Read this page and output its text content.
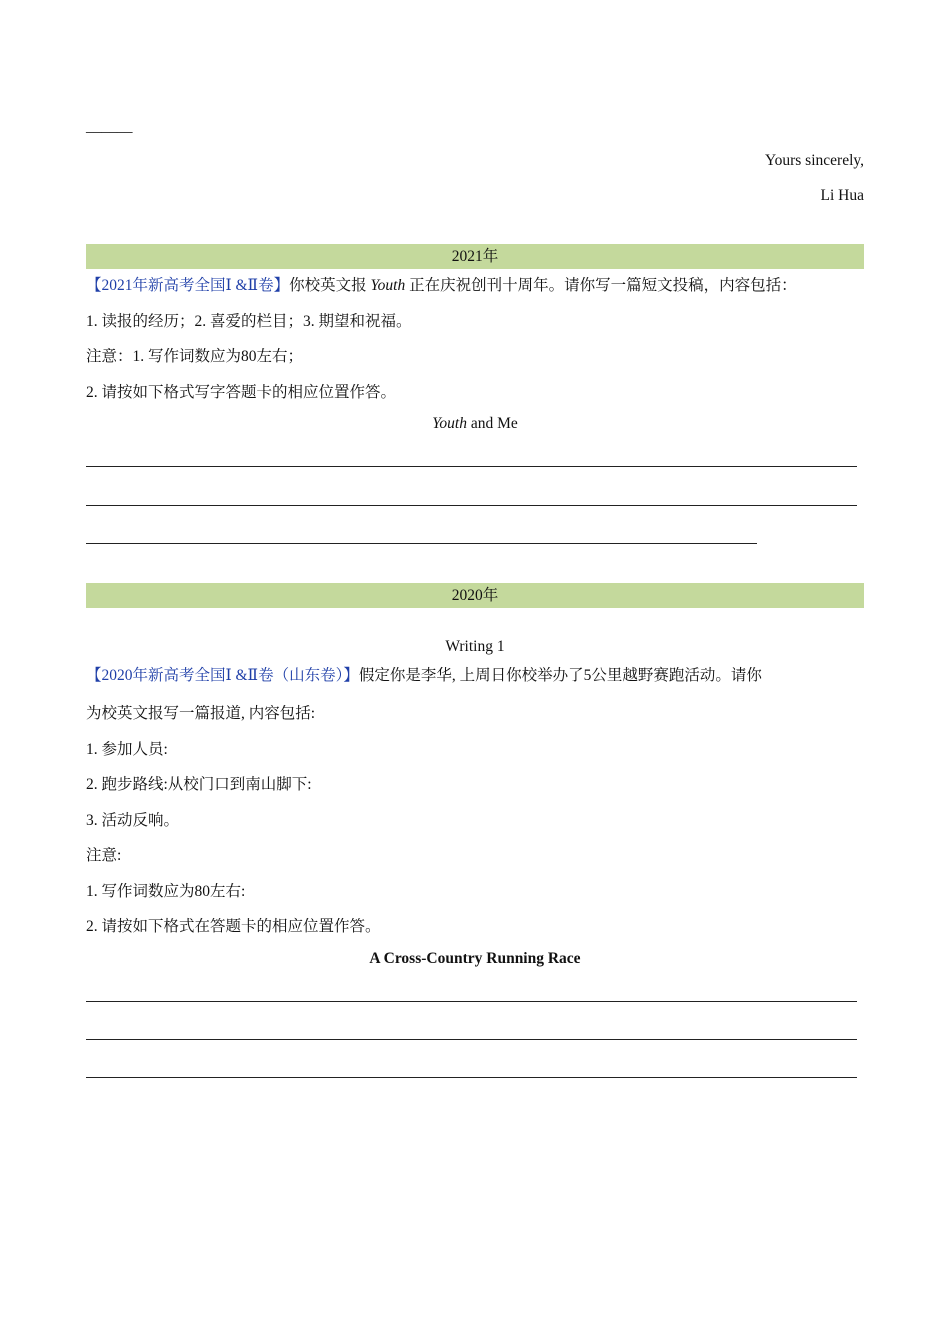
______
Yours sincerely,
Li Hua
2021年
【2021年新高考全国Ⅰ &Ⅱ卷】你校英文报 Youth 正在庆祝创刊十周年。请你写一篇短文投稿，内容包括：
1. 读报的经历；2. 喜爱的栏目；3. 期望和祝福。
注意：1. 写作词数应为80左右；
2. 请按如下格式写字答题卡的相应位置作答。
Youth and Me
2020年
Writing 1
【2020年新高考全国Ⅰ &Ⅱ卷（山东卷）】假定你是李华, 上周日你校举办了5公里越野赛跑活动。请你
为校英文报写一篇报道, 内容包括:
1. 参加人员:
2. 跑步路线:从校门口到南山脚下:
3. 活动反响。
注意:
1. 写作词数应为80左右:
2. 请按如下格式在答题卡的相应位置作答。
A Cross-Country Running Race
